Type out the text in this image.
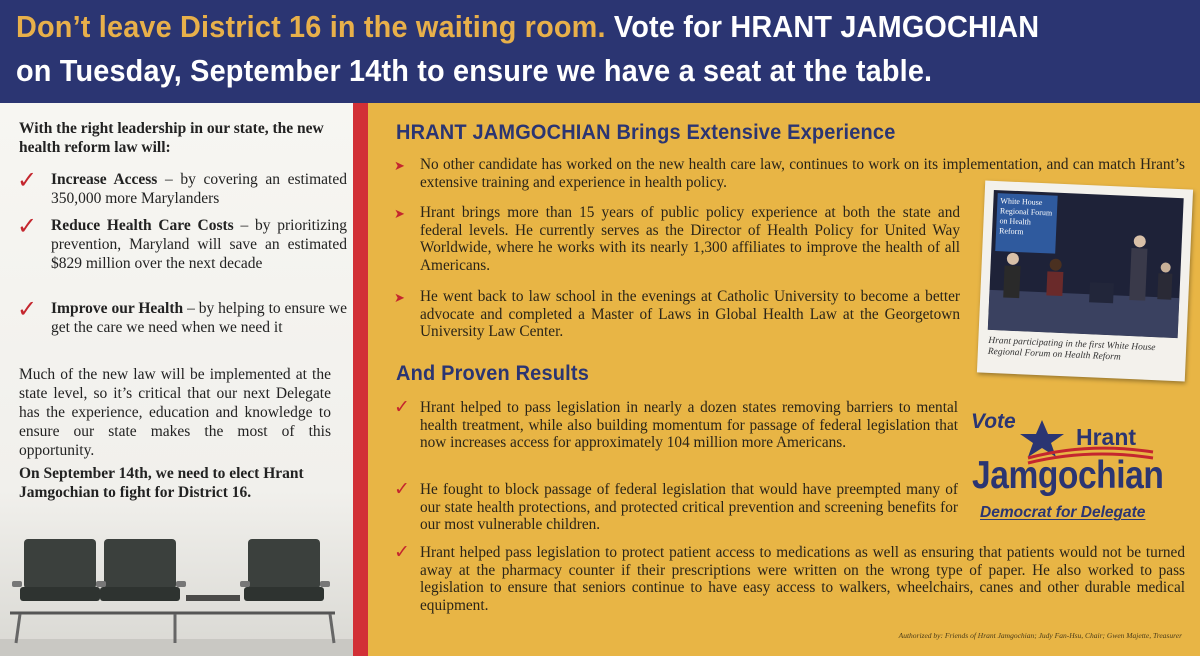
Don’t leave District 16 in the waiting room. Vote for HRANT JAMGOCHIAN
on Tuesday, September 14th to ensure we have a seat at the table.
With the right leadership in our state, the new health reform law will:
✓ Increase Access – by covering an estimated 350,000 more Marylanders
✓ Reduce Health Care Costs – by prioritizing prevention, Maryland will save an estimated $829 million over the next decade
✓ Improve our Health – by helping to ensure we get the care we need when we need it
Much of the new law will be implemented at the state level, so it’s critical that our next Delegate has the experience, education and knowledge to ensure our state makes the most of this opportunity.
On September 14th, we need to elect Hrant Jamgochian to fight for District 16.
HRANT JAMGOCHIAN Brings Extensive Experience
➤ No other candidate has worked on the new health care law, continues to work on its implementation, and can match Hrant’s extensive training and experience in health policy.
➤ Hrant brings more than 15 years of public policy experience at both the state and federal levels. He currently serves as the Director of Health Policy for United Way Worldwide, where he works with its nearly 1,300 affiliates to improve the health of all Americans.
➤ He went back to law school in the evenings at Catholic University to become a better advocate and completed a Master of Laws in Global Health Law at the Georgetown University Law Center.
And Proven Results
✓ Hrant helped to pass legislation in nearly a dozen states removing barriers to mental health treatment, while also building momentum for passage of federal legislation that now increases access for approximately 104 million more Americans.
✓ He fought to block passage of federal legislation that would have preempted many of our state health protections, and protected critical prevention and screening benefits for our most vulnerable children.
✓ Hrant helped pass legislation to protect patient access to medications as well as ensuring that patients would not be turned away at the pharmacy counter if their prescriptions were written on the wrong type of paper. He also worked to pass legislation to ensure that seniors continue to have easy access to walkers, wheelchairs, canes and other durable medical equipment.
White House Regional Forum on Health Reform
Hrant participating in the first White House Regional Forum on Health Reform
Vote
Hrant
Jamgochian
Democrat for Delegate
Authorized by: Friends of Hrant Jamgochian; Judy Fan-Hsu, Chair; Gwen Majette, Treasurer
